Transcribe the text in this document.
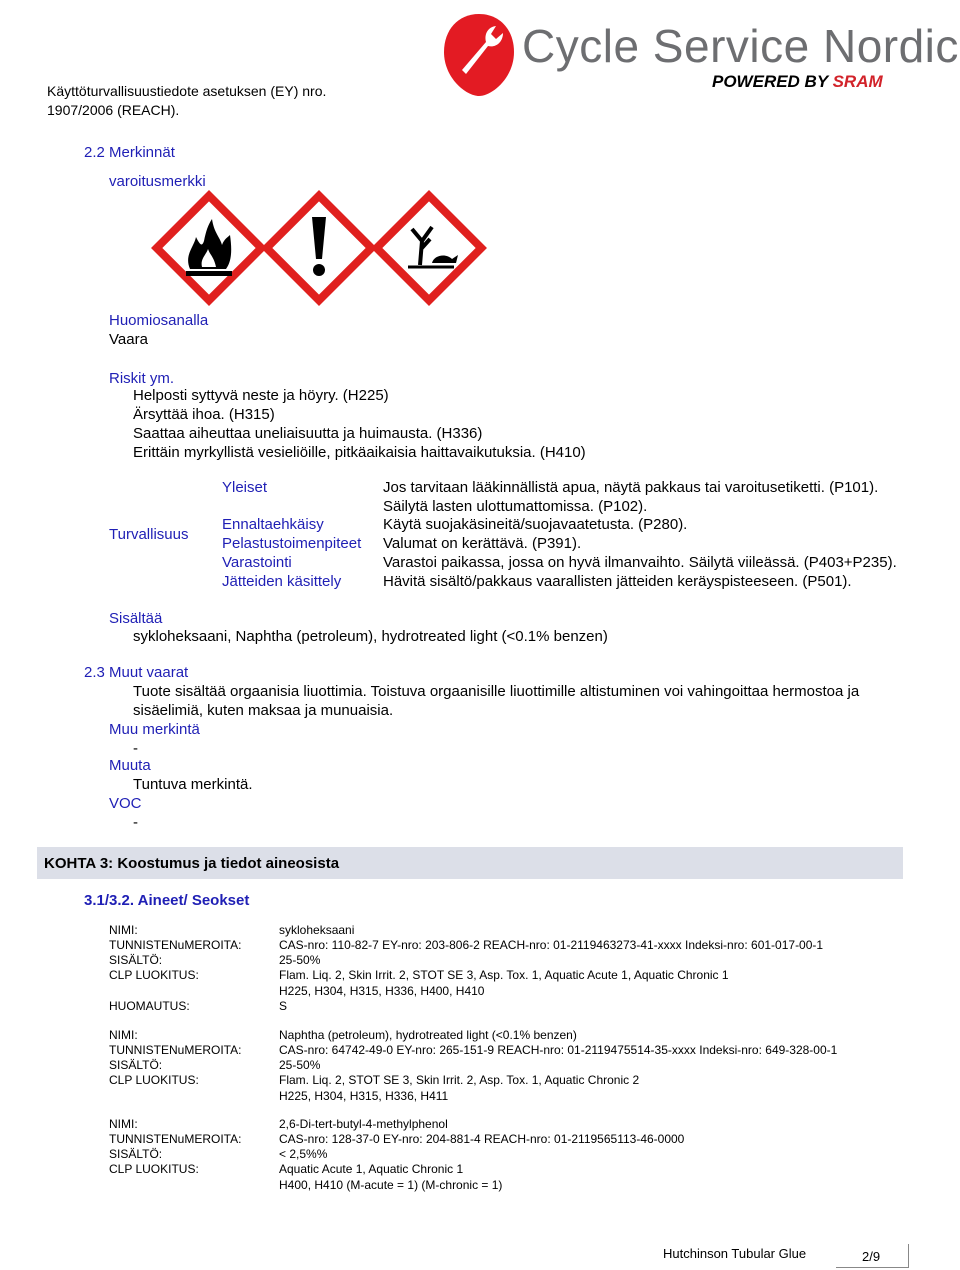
Käyttöturvallisuustiedote asetuksen (EY) nro.
1907/2006 (REACH).
Cycle Service Nordic
POWERED BY SRAM
2.2 Merkinnät
varoitusmerkki
Huomiosanalla
Vaara
Riskit ym.
Helposti syttyvä neste ja höyry. (H225)
Ärsyttää ihoa. (H315)
Saattaa aiheuttaa uneliaisuutta ja huimausta. (H336)
Erittäin myrkyllistä vesieliöille, pitkäaikaisia haittavaikutuksia. (H410)
Turvallisuus
Yleiset	Jos tarvitaan lääkinnällistä apua, näytä pakkaus tai varoitusetiketti. (P101).
Säilytä lasten ulottumattomissa. (P102).
Ennaltaehkäisy	Käytä suojakäsineitä/suojavaatetusta. (P280).
Pelastustoimenpiteet Valumat on kerättävä. (P391).
Varastointi	Varastoi paikassa, jossa on hyvä ilmanvaihto. Säilytä viileässä. (P403+P235).
Jätteiden käsittely	Hävitä sisältö/pakkaus vaarallisten jätteiden keräyspisteeseen. (P501).
Sisältää
sykloheksaani, Naphtha (petroleum), hydrotreated light (<0.1% benzen)
2.3 Muut vaarat
Tuote sisältää orgaanisia liuottimia. Toistuva orgaanisille liuottimille altistuminen voi vahingoittaa hermostoa ja
sisäelimiä, kuten maksaa ja munuaisia.
Muu merkintä
-
Muuta
Tuntuva merkintä.
VOC
-
KOHTA 3: Koostumus ja tiedot aineosista
3.1/3.2. Aineet/ Seokset
NIMI:	sykloheksaani
TUNNISTENuMEROITA:	CAS-nro: 110-82-7 EY-nro: 203-806-2 REACH-nro: 01-2119463273-41-xxxx Indeksi-nro: 601-017-00-1
SISÄLTÖ:	25-50%
CLP LUOKITUS:	Flam. Liq. 2, Skin Irrit. 2, STOT SE 3, Asp. Tox. 1, Aquatic Acute 1, Aquatic Chronic 1
H225, H304, H315, H336, H400, H410
HUOMAUTUS:	S
NIMI:	Naphtha (petroleum), hydrotreated light (<0.1% benzen)
TUNNISTENuMEROITA:	CAS-nro: 64742-49-0 EY-nro: 265-151-9 REACH-nro: 01-2119475514-35-xxxx Indeksi-nro: 649-328-00-1
SISÄLTÖ:	25-50%
CLP LUOKITUS:	Flam. Liq. 2, STOT SE 3, Skin Irrit. 2, Asp. Tox. 1, Aquatic Chronic 2
H225, H304, H315, H336, H411
NIMI:	2,6-Di-tert-butyl-4-methylphenol
TUNNISTENuMEROITA:	CAS-nro: 128-37-0 EY-nro: 204-881-4 REACH-nro: 01-2119565113-46-0000
SISÄLTÖ:	< 2,5%%
CLP LUOKITUS:	Aquatic Acute 1, Aquatic Chronic 1
H400, H410 (M-acute = 1) (M-chronic = 1)
Hutchinson Tubular Glue	2/9
